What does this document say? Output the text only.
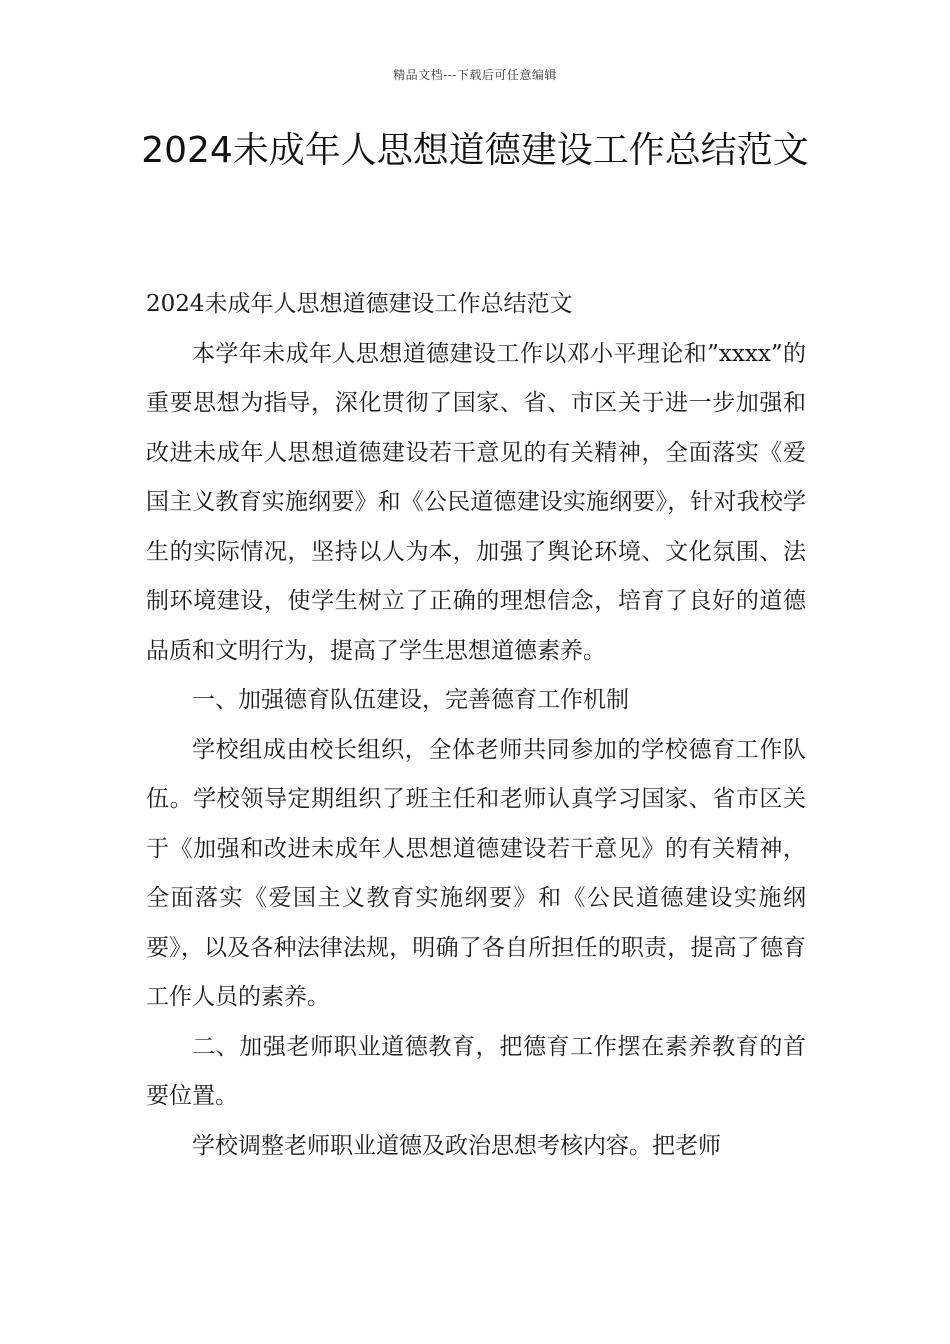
精品文档---下载后可任意编辑
2024未成年人思想道德建设工作总结范文

2024未成年人思想道德建设工作总结范文

本学年未成年人思想道德建设工作以邓小平理论和”xxxx”的重要思想为指导，深化贯彻了国家、省、市区关于进一步加强和改进未成年人思想道德建设若干意见的有关精神，全面落实《爱国主义教育实施纲要》和《公民道德建设实施纲要》，针对我校学生的实际情况，坚持以人为本，加强了舆论环境、文化氛围、法制环境建设，使学生树立了正确的理想信念，培育了良好的道德品质和文明行为，提高了学生思想道德素养。

一、加强德育队伍建设，完善德育工作机制

学校组成由校长组织，全体老师共同参加的学校德育工作队伍。学校领导定期组织了班主任和老师认真学习国家、省市区关于《加强和改进未成年人思想道德建设若干意见》的有关精神，全面落实《爱国主义教育实施纲要》和《公民道德建设实施纲要》，以及各种法律法规，明确了各自所担任的职责，提高了德育工作人员的素养。

二、加强老师职业道德教育，把德育工作摆在素养教育的首要位置。

学校调整老师职业道德及政治思想考核内容。把老师
